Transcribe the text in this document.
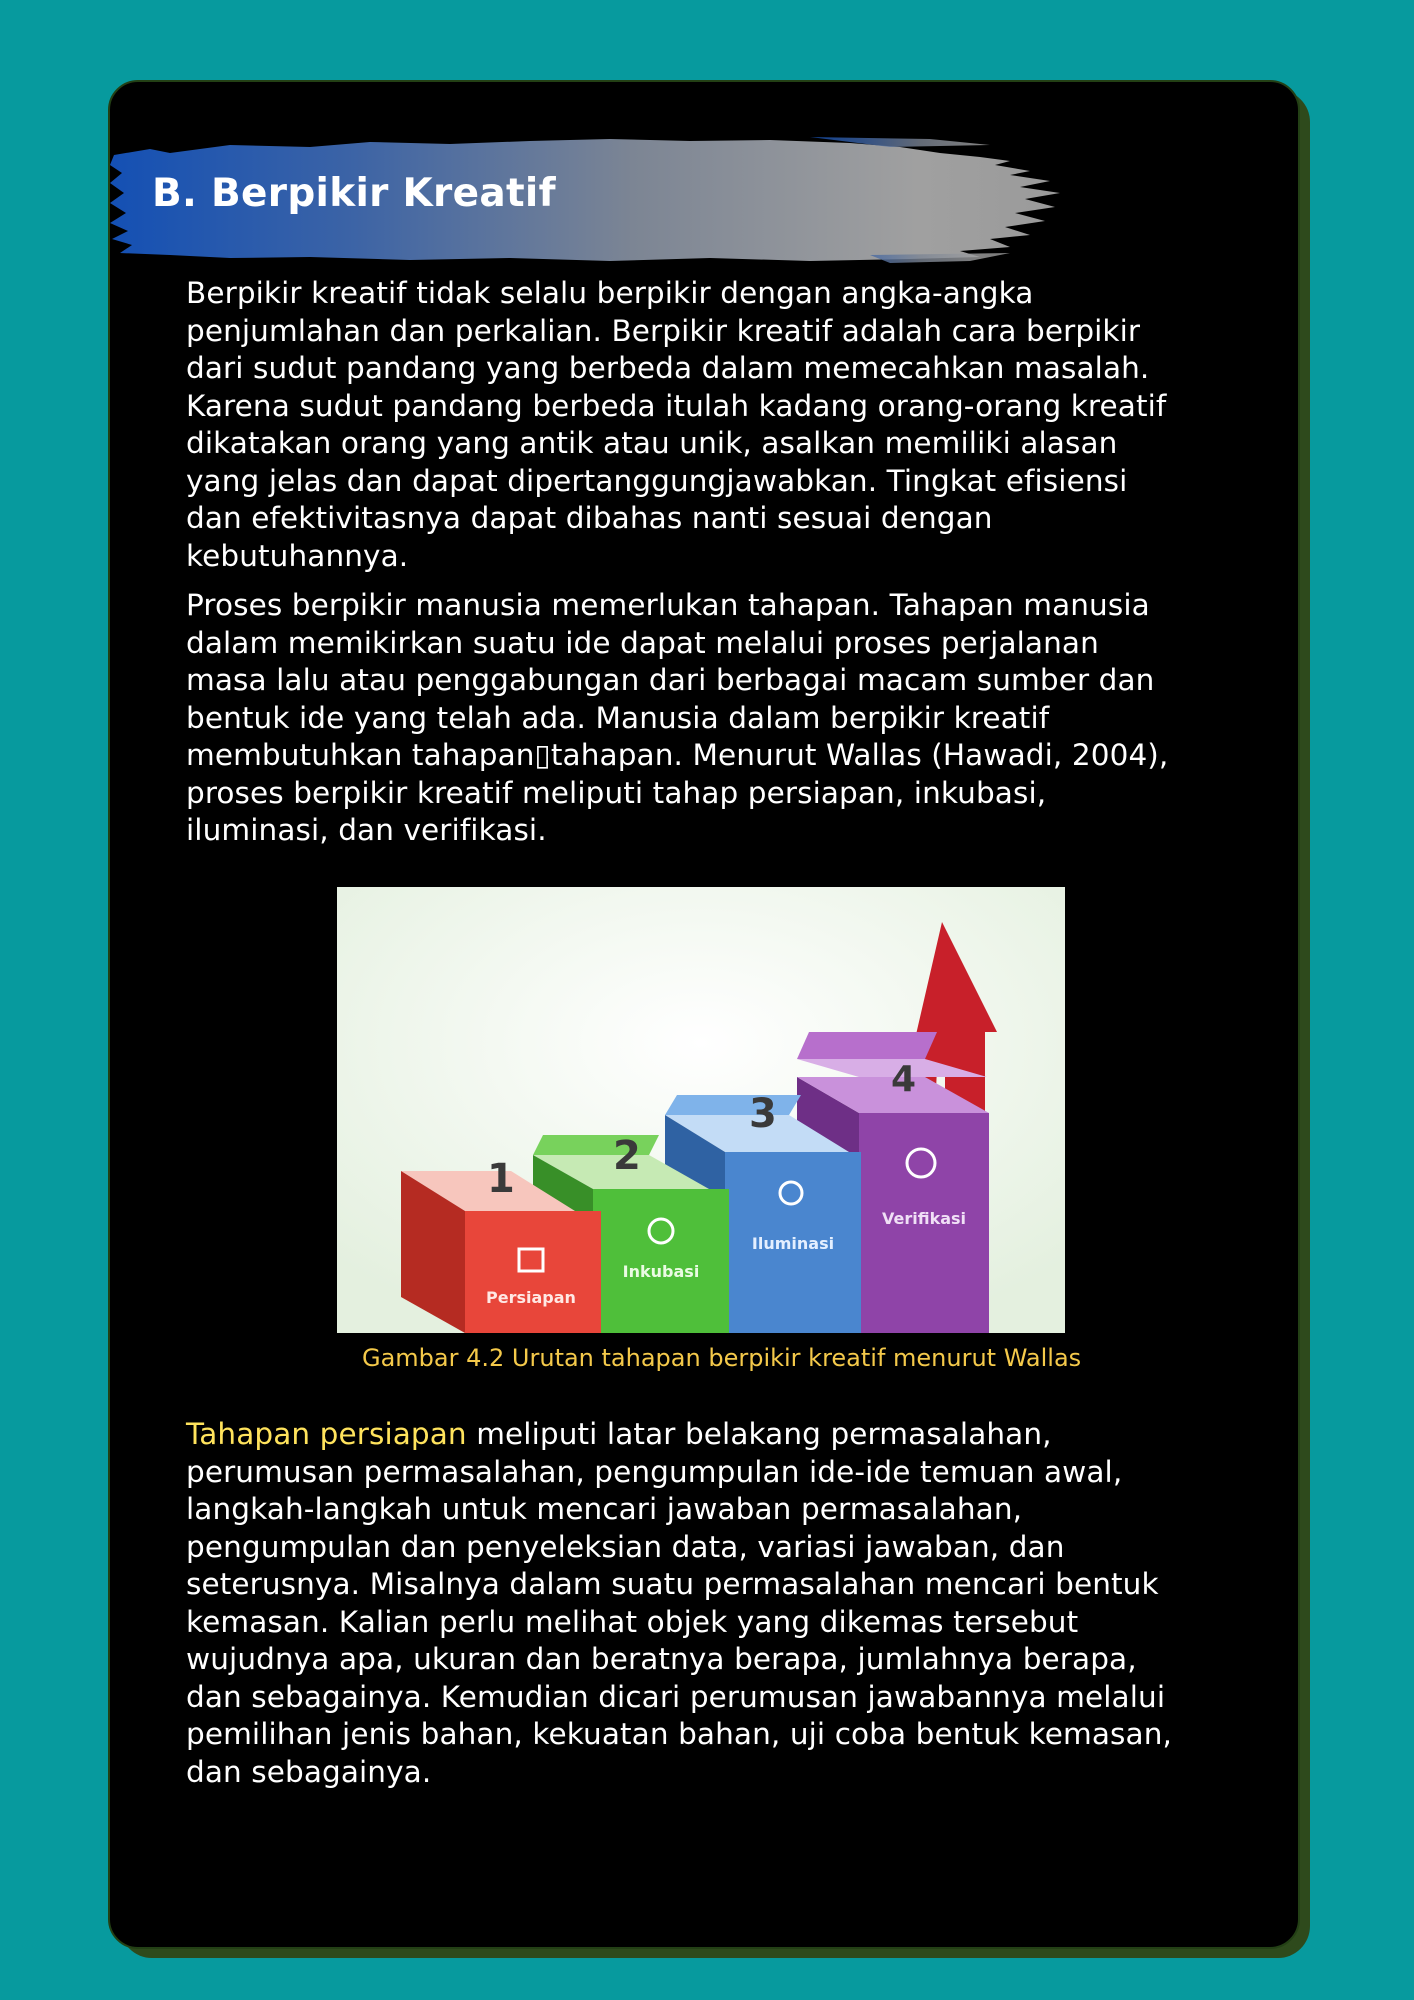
B. Berpikir Kreatif

Berpikir kreatif tidak selalu berpikir dengan angka-angka penjumlahan dan perkalian. Berpikir kreatif adalah cara berpikir dari sudut pandang yang berbeda dalam memecahkan masalah. Karena sudut pandang berbeda itulah kadang orang-orang kreatif dikatakan orang yang antik atau unik, asalkan memiliki alasan yang jelas dan dapat dipertanggungjawabkan. Tingkat efisiensi dan efektivitasnya dapat dibahas nanti sesuai dengan kebutuhannya.

Proses berpikir manusia memerlukan tahapan. Tahapan manusia dalam memikirkan suatu ide dapat melalui proses perjalanan masa lalu atau penggabungan dari berbagai macam sumber dan bentuk ide yang telah ada. Manusia dalam berpikir kreatif membutuhkan tahapan▯tahapan. Menurut Wallas (Hawadi, 2004), proses berpikir kreatif meliputi tahap persiapan, inkubasi, iluminasi, dan verifikasi.

4
Verifikasi
3
Iluminasi
2
Inkubasi
1
Persiapan

Gambar 4.2 Urutan tahapan berpikir kreatif menurut Wallas

Tahapan persiapan meliputi latar belakang permasalahan, perumusan permasalahan, pengumpulan ide-ide temuan awal, langkah-langkah untuk mencari jawaban permasalahan, pengumpulan dan penyeleksian data, variasi jawaban, dan seterusnya. Misalnya dalam suatu permasalahan mencari bentuk kemasan. Kalian perlu melihat objek yang dikemas tersebut wujudnya apa, ukuran dan beratnya berapa, jumlahnya berapa, dan sebagainya. Kemudian dicari perumusan jawabannya melalui pemilihan jenis bahan, kekuatan bahan, uji coba bentuk kemasan, dan sebagainya.
